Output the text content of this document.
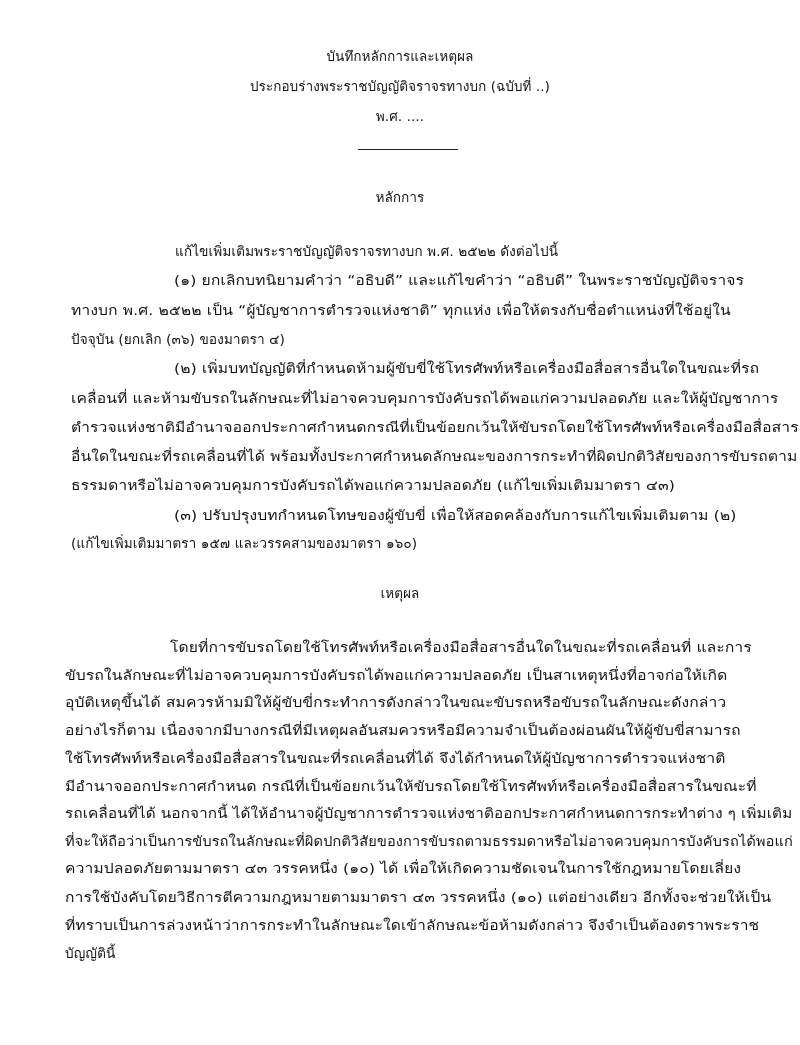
บันทึกหลักการและเหตุผล
ประกอบร่างพระราชบัญญัติจราจรทางบก (ฉบับที่ ..)
พ.ศ. ....
หลักการ
แก้ไขเพิ่มเติมพระราชบัญญัติจราจรทางบก พ.ศ. ๒๕๒๒ ดังต่อไปนี้
(๑) ยกเลิกบทนิยามคำว่า “อธิบดี” และแก้ไขคำว่า “อธิบดี” ในพระราชบัญญัติจราจร
ทางบก พ.ศ. ๒๕๒๒ เป็น “ผู้บัญชาการตำรวจแห่งชาติ” ทุกแห่ง เพื่อให้ตรงกับชื่อตำแหน่งที่ใช้อยู่ใน
ปัจจุบัน (ยกเลิก (๓๖) ของมาตรา ๔)
(๒) เพิ่มบทบัญญัติที่กำหนดห้ามผู้ขับขี่ใช้โทรศัพท์หรือเครื่องมือสื่อสารอื่นใดในขณะที่รถ
เคลื่อนที่ และห้ามขับรถในลักษณะที่ไม่อาจควบคุมการบังคับรถได้พอแก่ความปลอดภัย และให้ผู้บัญชาการ
ตำรวจแห่งชาติมีอำนาจออกประกาศกำหนดกรณีที่เป็นข้อยกเว้นให้ขับรถโดยใช้โทรศัพท์หรือเครื่องมือสื่อสาร
อื่นใดในขณะที่รถเคลื่อนที่ได้ พร้อมทั้งประกาศกำหนดลักษณะของการกระทำที่ผิดปกติวิสัยของการขับรถตาม
ธรรมดาหรือไม่อาจควบคุมการบังคับรถได้พอแก่ความปลอดภัย (แก้ไขเพิ่มเติมมาตรา ๔๓)
(๓) ปรับปรุงบทกำหนดโทษของผู้ขับขี่ เพื่อให้สอดคล้องกับการแก้ไขเพิ่มเติมตาม (๒)
(แก้ไขเพิ่มเติมมาตรา ๑๕๗ และวรรคสามของมาตรา ๑๖๐)
เหตุผล
โดยที่การขับรถโดยใช้โทรศัพท์หรือเครื่องมือสื่อสารอื่นใดในขณะที่รถเคลื่อนที่ และการ
ขับรถในลักษณะที่ไม่อาจควบคุมการบังคับรถได้พอแก่ความปลอดภัย เป็นสาเหตุหนึ่งที่อาจก่อให้เกิด
อุบัติเหตุขึ้นได้ สมควรห้ามมิให้ผู้ขับขี่กระทำการดังกล่าวในขณะขับรถหรือขับรถในลักษณะดังกล่าว
อย่างไรก็ตาม เนื่องจากมีบางกรณีที่มีเหตุผลอันสมควรหรือมีความจำเป็นต้องผ่อนผันให้ผู้ขับขี่สามารถ
ใช้โทรศัพท์หรือเครื่องมือสื่อสารในขณะที่รถเคลื่อนที่ได้ จึงได้กำหนดให้ผู้บัญชาการตำรวจแห่งชาติ
มีอำนาจออกประกาศกำหนด กรณีที่เป็นข้อยกเว้นให้ขับรถโดยใช้โทรศัพท์หรือเครื่องมือสื่อสารในขณะที่
รถเคลื่อนที่ได้ นอกจากนี้ ได้ให้อำนาจผู้บัญชาการตำรวจแห่งชาติออกประกาศกำหนดการกระทำต่าง ๆ เพิ่มเติม
ที่จะให้ถือว่าเป็นการขับรถในลักษณะที่ผิดปกติวิสัยของการขับรถตามธรรมดาหรือไม่อาจควบคุมการบังคับรถได้พอแก่
ความปลอดภัยตามมาตรา ๔๓ วรรคหนึ่ง (๑๐) ได้ เพื่อให้เกิดความชัดเจนในการใช้กฎหมายโดยเลี่ยง
การใช้บังคับโดยวิธีการตีความกฎหมายตามมาตรา ๔๓ วรรคหนึ่ง (๑๐) แต่อย่างเดียว อีกทั้งจะช่วยให้เป็น
ที่ทราบเป็นการล่วงหน้าว่าการกระทำในลักษณะใดเข้าลักษณะข้อห้ามดังกล่าว จึงจำเป็นต้องตราพระราช
บัญญัตินี้
